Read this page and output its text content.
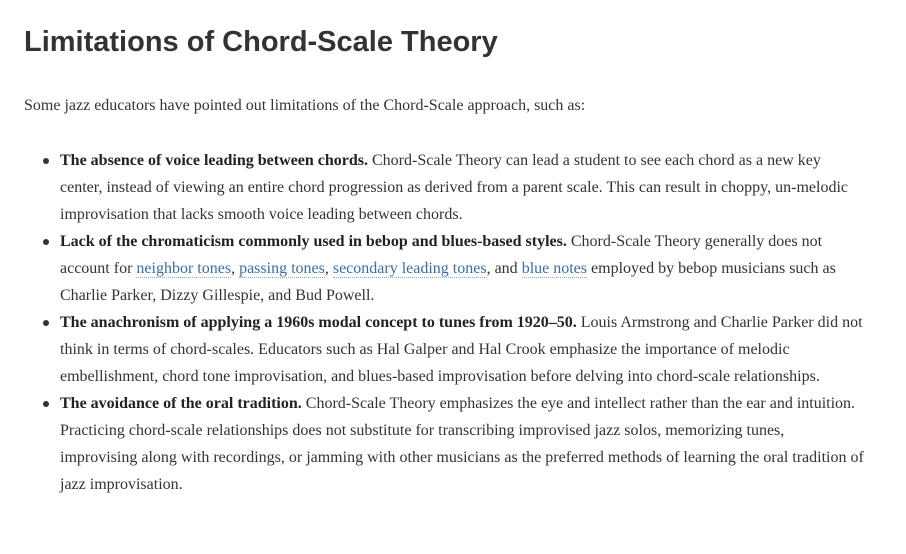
Limitations of Chord-Scale Theory

Some jazz educators have pointed out limitations of the Chord-Scale approach, such as:

The absence of voice leading between chords. Chord-Scale Theory can lead a student to see each chord as a new key center, instead of viewing an entire chord progression as derived from a parent scale. This can result in choppy, un-melodic improvisation that lacks smooth voice leading between chords.
Lack of the chromaticism commonly used in bebop and blues-based styles. Chord-Scale Theory generally does not account for neighbor tones, passing tones, secondary leading tones, and blue notes employed by bebop musicians such as Charlie Parker, Dizzy Gillespie, and Bud Powell.
The anachronism of applying a 1960s modal concept to tunes from 1920–50. Louis Armstrong and Charlie Parker did not think in terms of chord-scales. Educators such as Hal Galper and Hal Crook emphasize the importance of melodic embellishment, chord tone improvisation, and blues-based improvisation before delving into chord-scale relationships.
The avoidance of the oral tradition. Chord-Scale Theory emphasizes the eye and intellect rather than the ear and intuition. Practicing chord-scale relationships does not substitute for transcribing improvised jazz solos, memorizing tunes, improvising along with recordings, or jamming with other musicians as the preferred methods of learning the oral tradition of jazz improvisation.
